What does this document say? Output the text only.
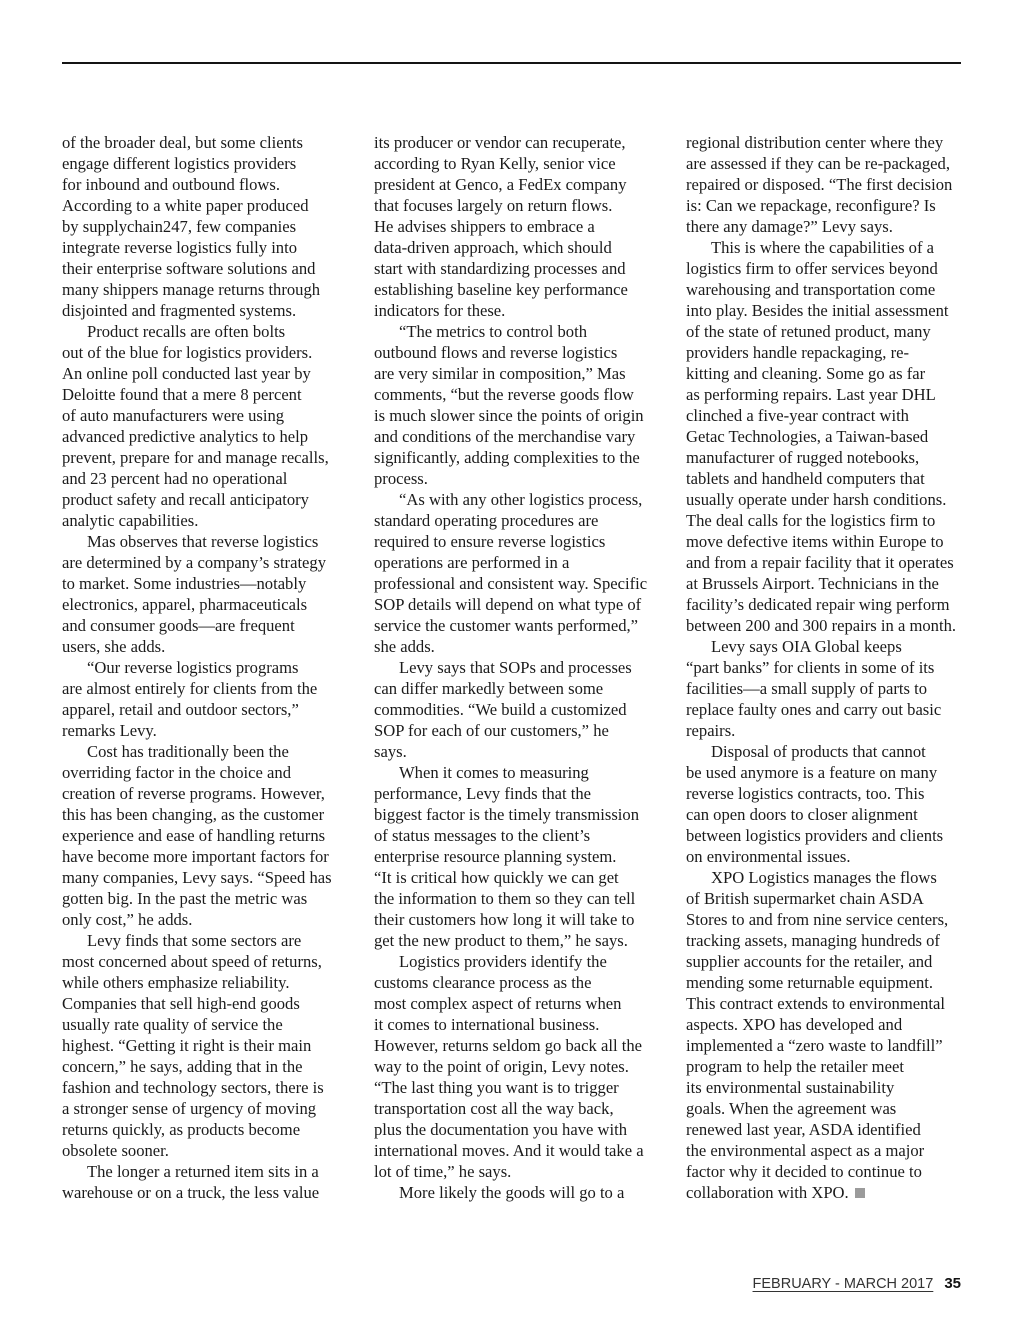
of the broader deal, but some clients
engage different logistics providers
for inbound and outbound flows.
According to a white paper produced
by supplychain247, few companies
integrate reverse logistics fully into
their enterprise software solutions and
many shippers manage returns through
disjointed and fragmented systems.
Product recalls are often bolts
out of the blue for logistics providers.
An online poll conducted last year by
Deloitte found that a mere 8 percent
of auto manufacturers were using
advanced predictive analytics to help
prevent, prepare for and manage recalls,
and 23 percent had no operational
product safety and recall anticipatory
analytic capabilities.
Mas observes that reverse logistics
are determined by a company’s strategy
to market. Some industries—notably
electronics, apparel, pharmaceuticals
and consumer goods—are frequent
users, she adds.
“Our reverse logistics programs
are almost entirely for clients from the
apparel, retail and outdoor sectors,”
remarks Levy.
Cost has traditionally been the
overriding factor in the choice and
creation of reverse programs. However,
this has been changing, as the customer
experience and ease of handling returns
have become more important factors for
many companies, Levy says. “Speed has
gotten big. In the past the metric was
only cost,” he adds.
Levy finds that some sectors are
most concerned about speed of returns,
while others emphasize reliability.
Companies that sell high-end goods
usually rate quality of service the
highest. “Getting it right is their main
concern,” he says, adding that in the
fashion and technology sectors, there is
a stronger sense of urgency of moving
returns quickly, as products become
obsolete sooner.
The longer a returned item sits in a
warehouse or on a truck, the less value
its producer or vendor can recuperate,
according to Ryan Kelly, senior vice
president at Genco, a FedEx company
that focuses largely on return flows.
He advises shippers to embrace a
data-driven approach, which should
start with standardizing processes and
establishing baseline key performance
indicators for these.
“The metrics to control both
outbound flows and reverse logistics
are very similar in composition,” Mas
comments, “but the reverse goods flow
is much slower since the points of origin
and conditions of the merchandise vary
significantly, adding complexities to the
process.
“As with any other logistics process,
standard operating procedures are
required to ensure reverse logistics
operations are performed in a
professional and consistent way. Specific
SOP details will depend on what type of
service the customer wants performed,”
she adds.
Levy says that SOPs and processes
can differ markedly between some
commodities. “We build a customized
SOP for each of our customers,” he
says.
When it comes to measuring
performance, Levy finds that the
biggest factor is the timely transmission
of status messages to the client’s
enterprise resource planning system.
“It is critical how quickly we can get
the information to them so they can tell
their customers how long it will take to
get the new product to them,” he says.
Logistics providers identify the
customs clearance process as the
most complex aspect of returns when
it comes to international business.
However, returns seldom go back all the
way to the point of origin, Levy notes.
“The last thing you want is to trigger
transportation cost all the way back,
plus the documentation you have with
international moves. And it would take a
lot of time,” he says.
More likely the goods will go to a
regional distribution center where they
are assessed if they can be re-packaged,
repaired or disposed. “The first decision
is: Can we repackage, reconfigure? Is
there any damage?” Levy says.
This is where the capabilities of a
logistics firm to offer services beyond
warehousing and transportation come
into play. Besides the initial assessment
of the state of retuned product, many
providers handle repackaging, re-
kitting and cleaning. Some go as far
as performing repairs. Last year DHL
clinched a five-year contract with
Getac Technologies, a Taiwan-based
manufacturer of rugged notebooks,
tablets and handheld computers that
usually operate under harsh conditions.
The deal calls for the logistics firm to
move defective items within Europe to
and from a repair facility that it operates
at Brussels Airport. Technicians in the
facility’s dedicated repair wing perform
between 200 and 300 repairs in a month.
Levy says OIA Global keeps
“part banks” for clients in some of its
facilities—a small supply of parts to
replace faulty ones and carry out basic
repairs.
Disposal of products that cannot
be used anymore is a feature on many
reverse logistics contracts, too. This
can open doors to closer alignment
between logistics providers and clients
on environmental issues.
XPO Logistics manages the flows
of British supermarket chain ASDA
Stores to and from nine service centers,
tracking assets, managing hundreds of
supplier accounts for the retailer, and
mending some returnable equipment.
This contract extends to environmental
aspects. XPO has developed and
implemented a “zero waste to landfill”
program to help the retailer meet
its environmental sustainability
goals. When the agreement was
renewed last year, ASDA identified
the environmental aspect as a major
factor why it decided to continue to
collaboration with XPO.
FEBRUARY - MARCH 2017 35
